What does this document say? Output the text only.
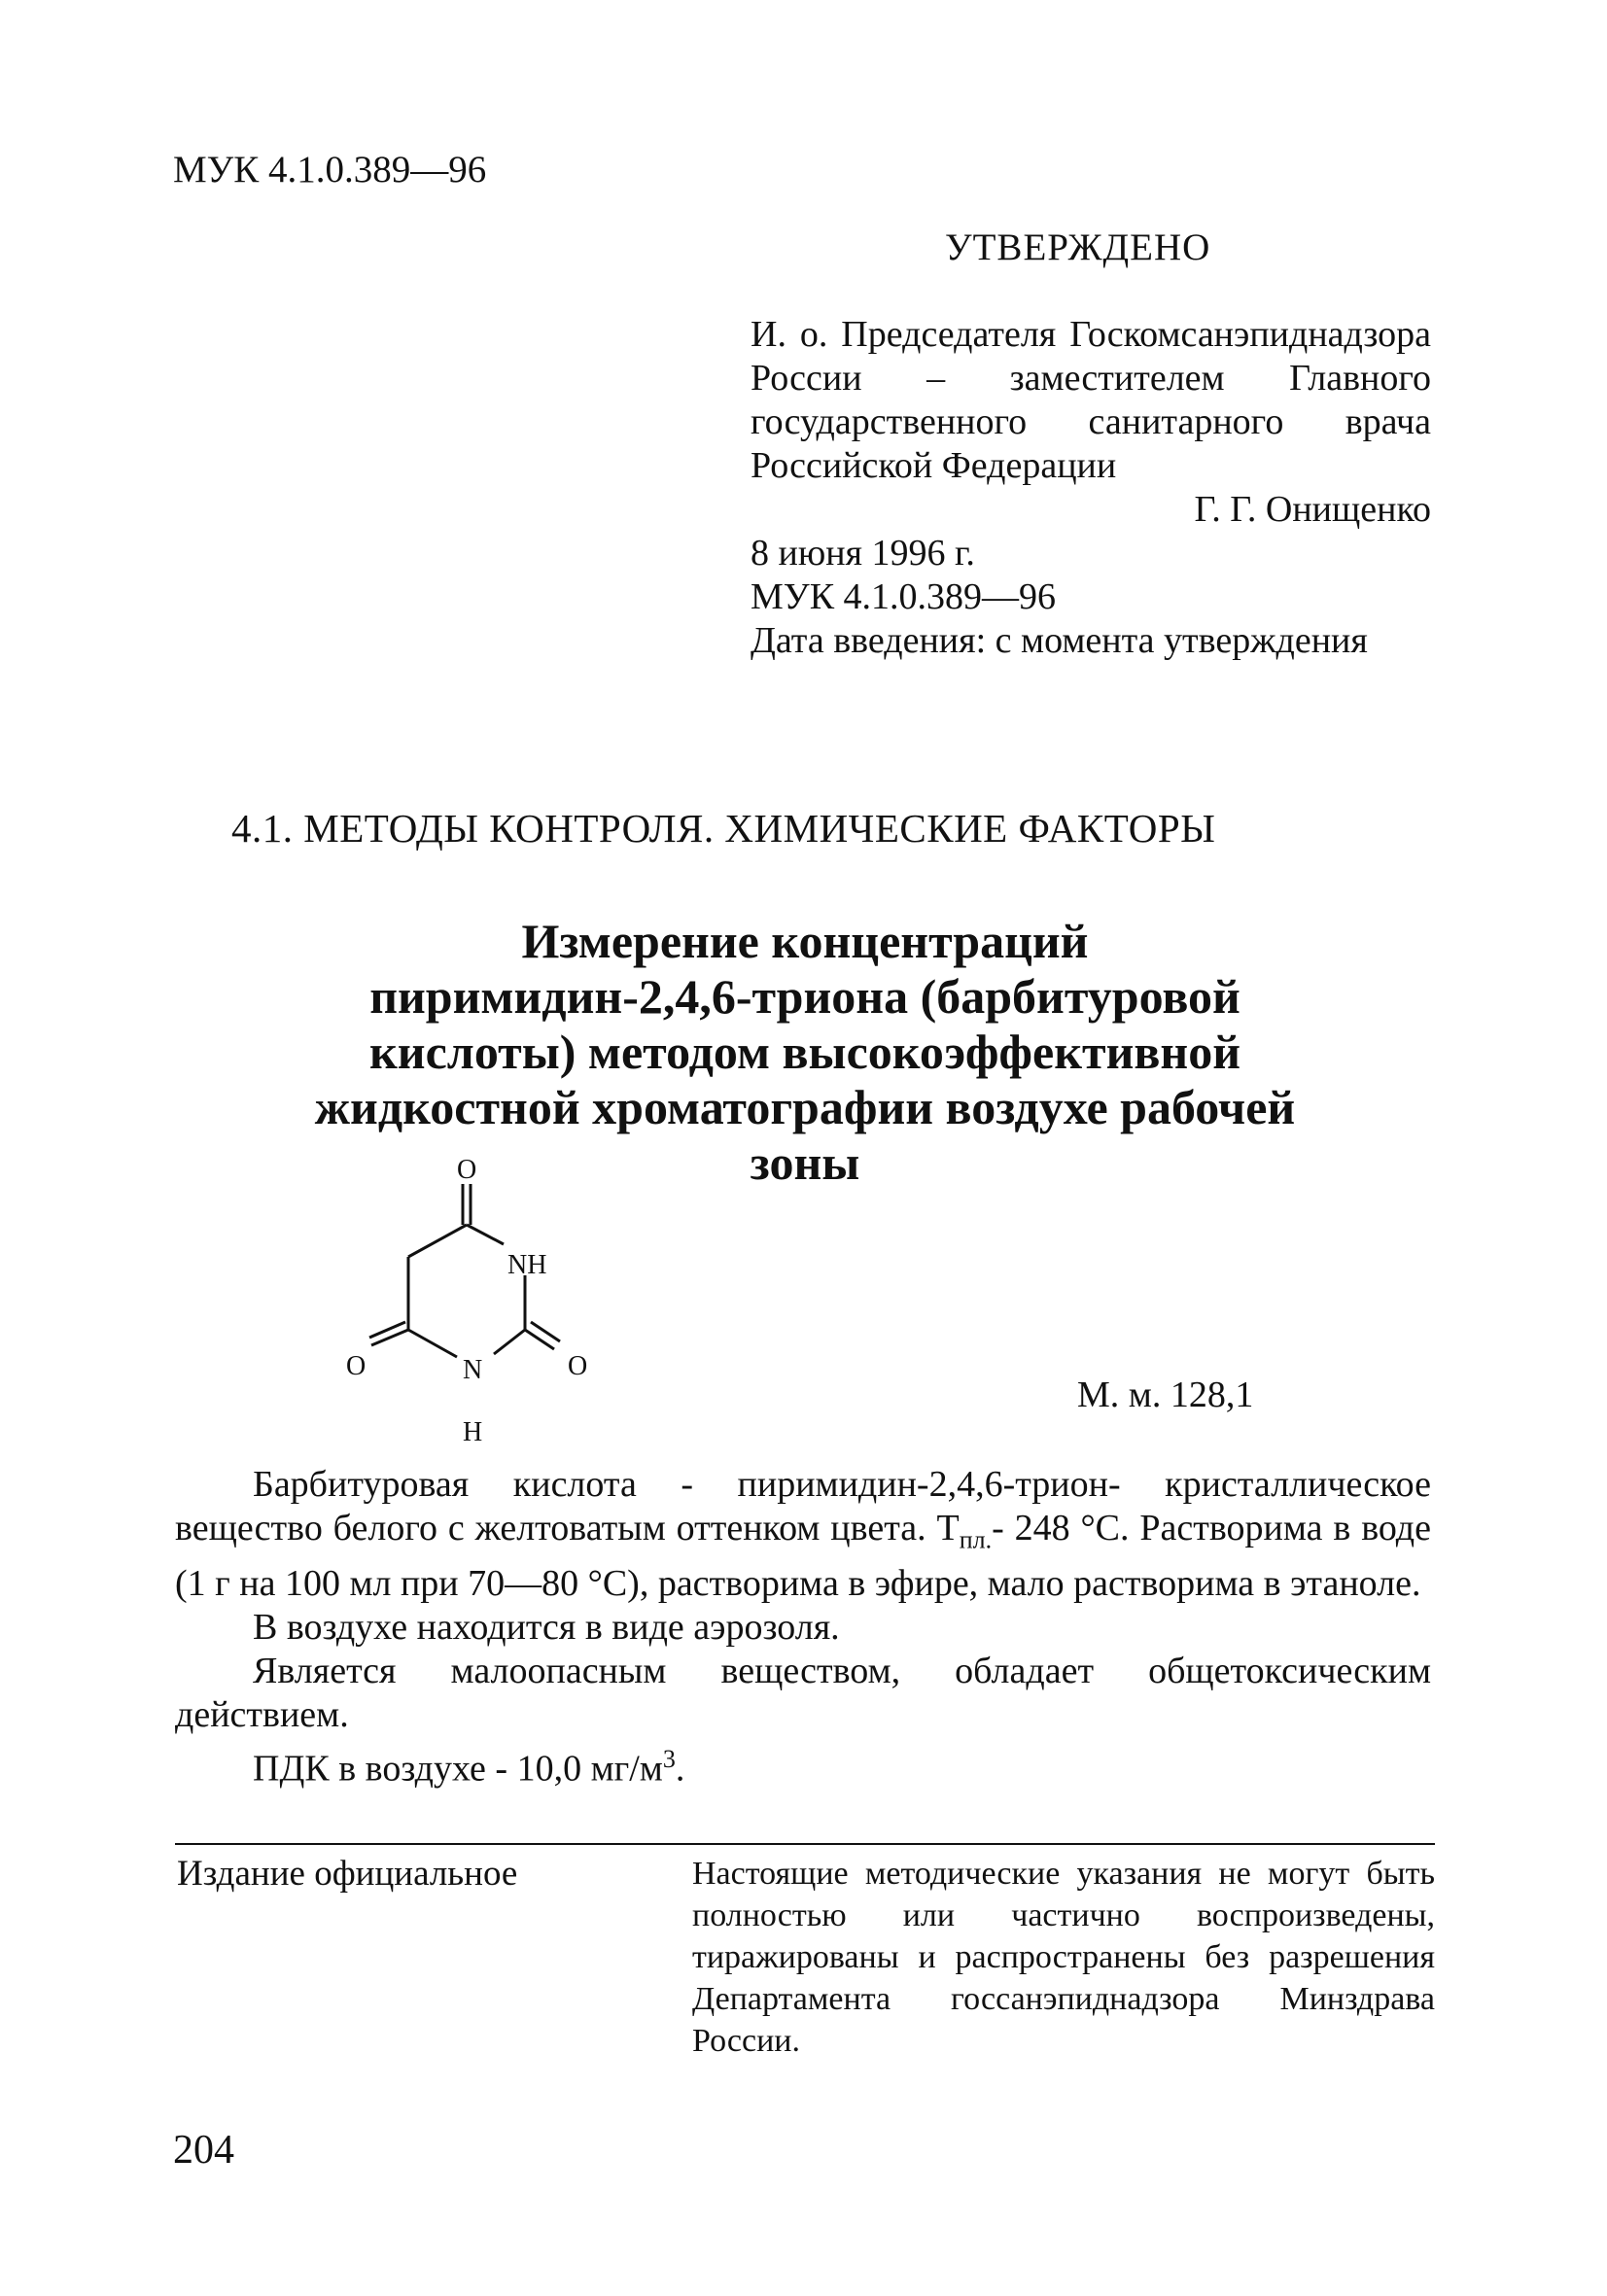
МУК 4.1.0.389—96
УТВЕРЖДЕНО
И. о. Председателя Госкомсанэпиднадзора России – заместителем Главного государственного санитарного врача Российской Федерации
Г. Г. Онищенко
8 июня 1996 г.
МУК 4.1.0.389—96
Дата введения: с момента утверждения
4.1. МЕТОДЫ КОНТРОЛЯ. ХИМИЧЕСКИЕ ФАКТОРЫ
Измерение концентраций
пиримидин-2,4,6-триона (барбитуровой
кислоты) методом высокоэффективной
жидкостной хроматографии воздухе рабочей
зоны
O
NH
O	N	O
H
М. м. 128,1
Барбитуровая кислота - пиримидин-2,4,6-трион- кристаллическое вещество белого с желтоватым оттенком цвета. $Т_{пл.}-$ 248 °С. Растворима в воде (1 г на 100 мл при 70—80 °С), растворима в эфире, мало растворима в этаноле.
В воздухе находится в виде аэрозоля.
Является малоопасным веществом, обладает общетоксическим действием.
ПДК в воздухе - 10,0 $мг/м^3$.
Издание официальное	Настоящие методические указания не могут быть полностью или частично воспроизведены, тиражированы и распространены без разрешения Департамента госсанэпиднадзора Минздрава России.
204
